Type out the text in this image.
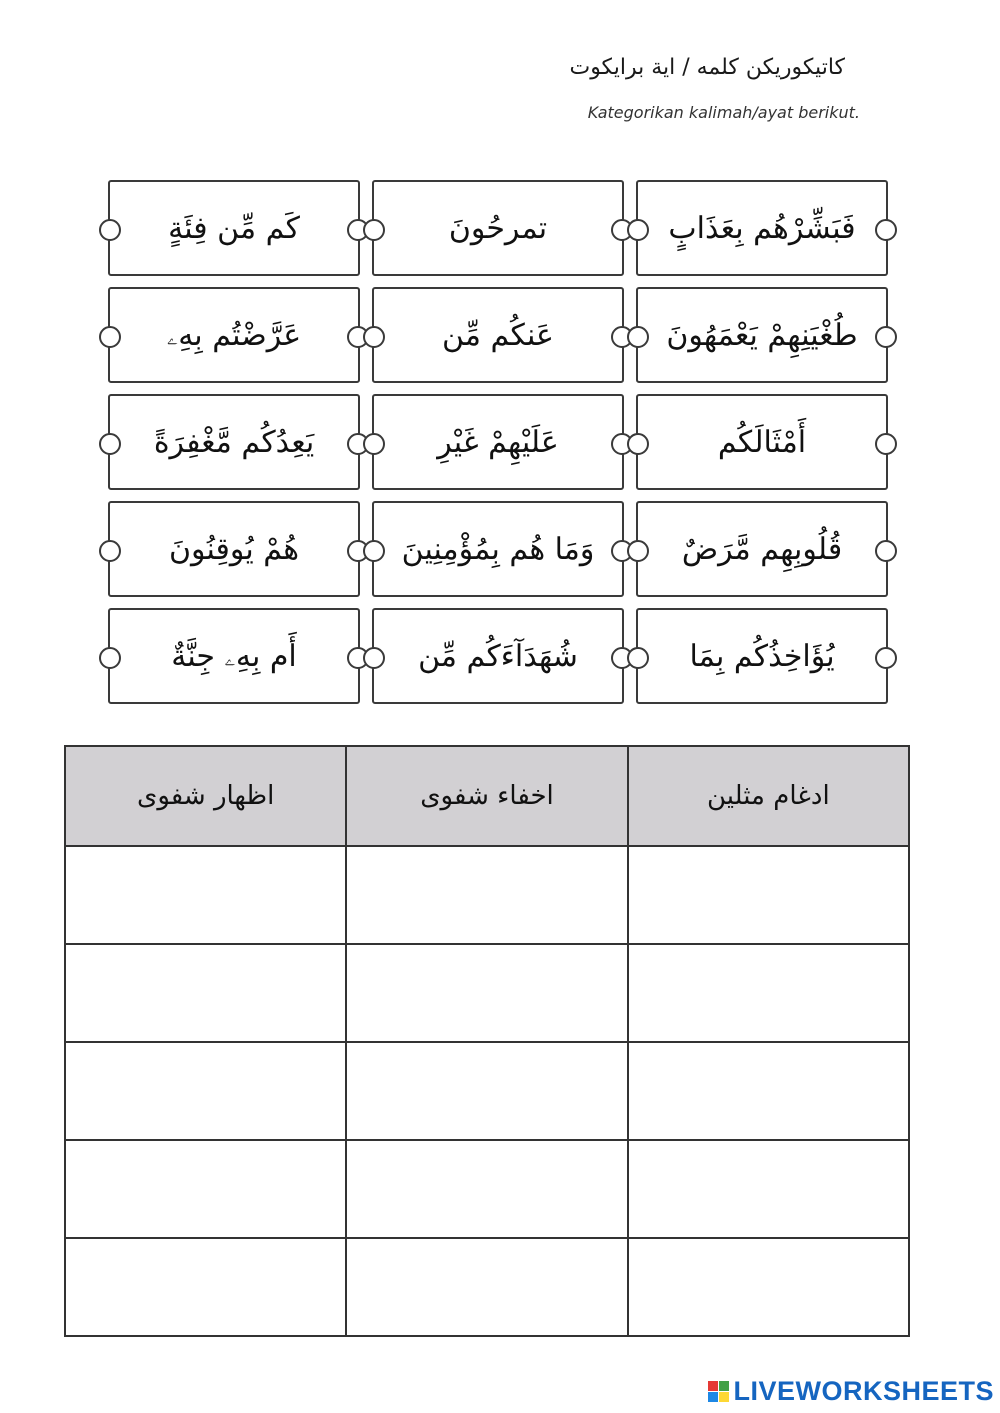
كاتيكوريکن كلمه / اية برايكوت
Kategorikan kalimah/ayat berikut.
كَم مِّن فِئَةٍ	تمرحُونَ	فَبَشِّرْهُم بِعَذَابٍ
عَرَّضْتُم بِهِۦ	عَنكُم مِّن	طُغْيَنِهِمْ يَعْمَهُونَ
يَعِدُكُم مَّغْفِرَةً	عَلَيْهِمْ غَيْرِ	أَمْثَالَكُم
هُمْ يُوقِنُونَ	وَمَا هُم بِمُؤْمِنِينَ	قُلُوبِهِم مَّرَضٌ
أَم بِهِۦ جِنَّةٌ	شُهَدَآءَكُم مِّن	يُؤَاخِذُكُم بِمَا
اظهار شفوى	اخفاء شفوى	ادغام مثلين

LIVEWORKSHEETS
